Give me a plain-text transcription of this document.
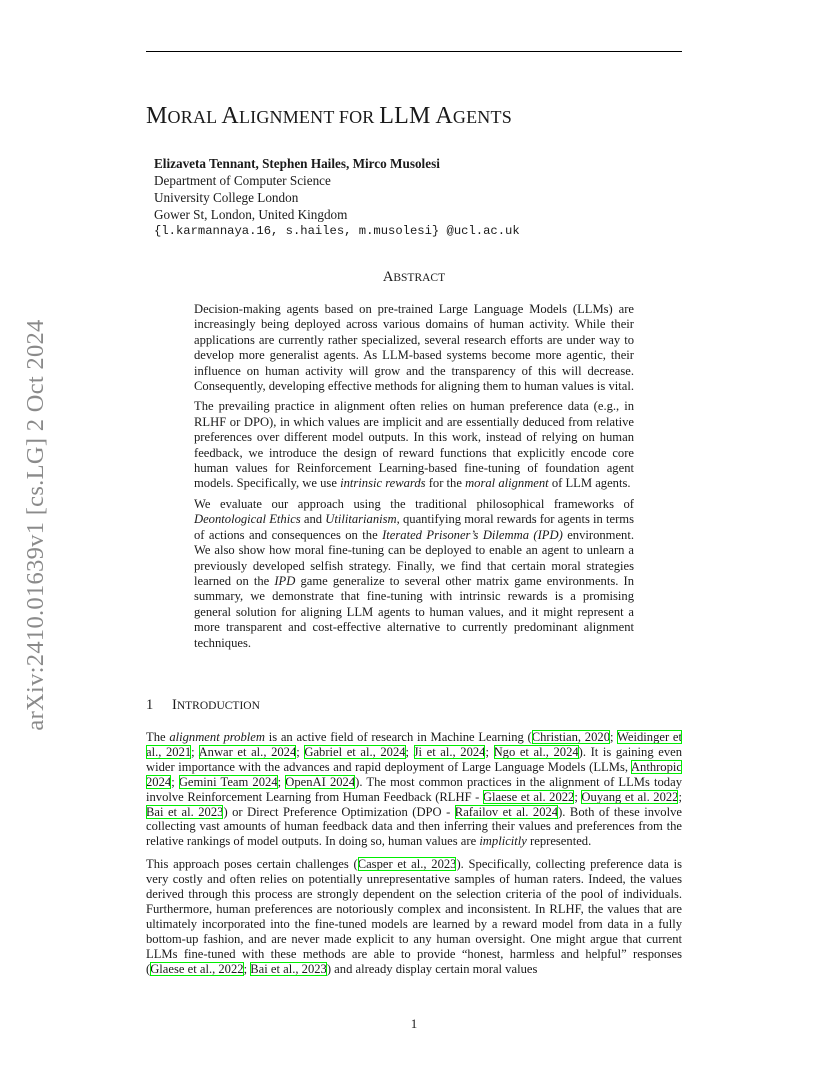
MORAL ALIGNMENT FOR LLM AGENTS
Elizaveta Tennant, Stephen Hailes, Mirco Musolesi
Department of Computer Science
University College London
Gower St, London, United Kingdom
{l.karmannaya.16, s.hailes, m.musolesi} @ucl.ac.uk
ABSTRACT

Decision-making agents based on pre-trained Large Language Models (LLMs) are increasingly being deployed across various domains of human activity. While their applications are currently rather specialized, several research efforts are under way to develop more generalist agents. As LLM-based systems become more agentic, their influence on human activity will grow and the transparency of this will decrease. Consequently, developing effective methods for aligning them to human values is vital.

The prevailing practice in alignment often relies on human preference data (e.g., in RLHF or DPO), in which values are implicit and are essentially deduced from relative preferences over different model outputs. In this work, instead of relying on human feedback, we introduce the design of reward functions that explicitly encode core human values for Reinforcement Learning-based fine-tuning of foundation agent models. Specifically, we use intrinsic rewards for the moral alignment of LLM agents.

We evaluate our approach using the traditional philosophical frameworks of Deontological Ethics and Utilitarianism, quantifying moral rewards for agents in terms of actions and consequences on the Iterated Prisoner’s Dilemma (IPD) environment. We also show how moral fine-tuning can be deployed to enable an agent to unlearn a previously developed selfish strategy. Finally, we find that certain moral strategies learned on the IPD game generalize to several other matrix game environments. In summary, we demonstrate that fine-tuning with intrinsic rewards is a promising general solution for aligning LLM agents to human values, and it might represent a more transparent and cost-effective alternative to currently predominant alignment techniques.

arXiv:2410.01639v1 [cs.LG] 2 Oct 2024	1 INTRODUCTION

The alignment problem is an active field of research in Machine Learning (Christian, 2020; Weidinger et al., 2021; Anwar et al., 2024; Gabriel et al., 2024; Ji et al., 2024; Ngo et al., 2024). It is gaining even wider importance with the advances and rapid deployment of Large Language Models (LLMs, Anthropic 2024; Gemini Team 2024; OpenAI 2024). The most common practices in the alignment of LLMs today involve Reinforcement Learning from Human Feedback (RLHF - Glaese et al. 2022; Ouyang et al. 2022; Bai et al. 2023) or Direct Preference Optimization (DPO - Rafailov et al. 2024). Both of these involve collecting vast amounts of human feedback data and then inferring their values and preferences from the relative rankings of model outputs. In doing so, human values are implicitly represented.

This approach poses certain challenges (Casper et al., 2023). Specifically, collecting preference data is very costly and often relies on potentially unrepresentative samples of human raters. Indeed, the values derived through this process are strongly dependent on the selection criteria of the pool of individuals. Furthermore, human preferences are notoriously complex and inconsistent. In RLHF, the values that are ultimately incorporated into the fine-tuned models are learned by a reward model from data in a fully bottom-up fashion, and are never made explicit to any human oversight. One might argue that current LLMs fine-tuned with these methods are able to provide “honest, harmless and helpful” responses (Glaese et al., 2022; Bai et al., 2023) and already display certain moral values

1
